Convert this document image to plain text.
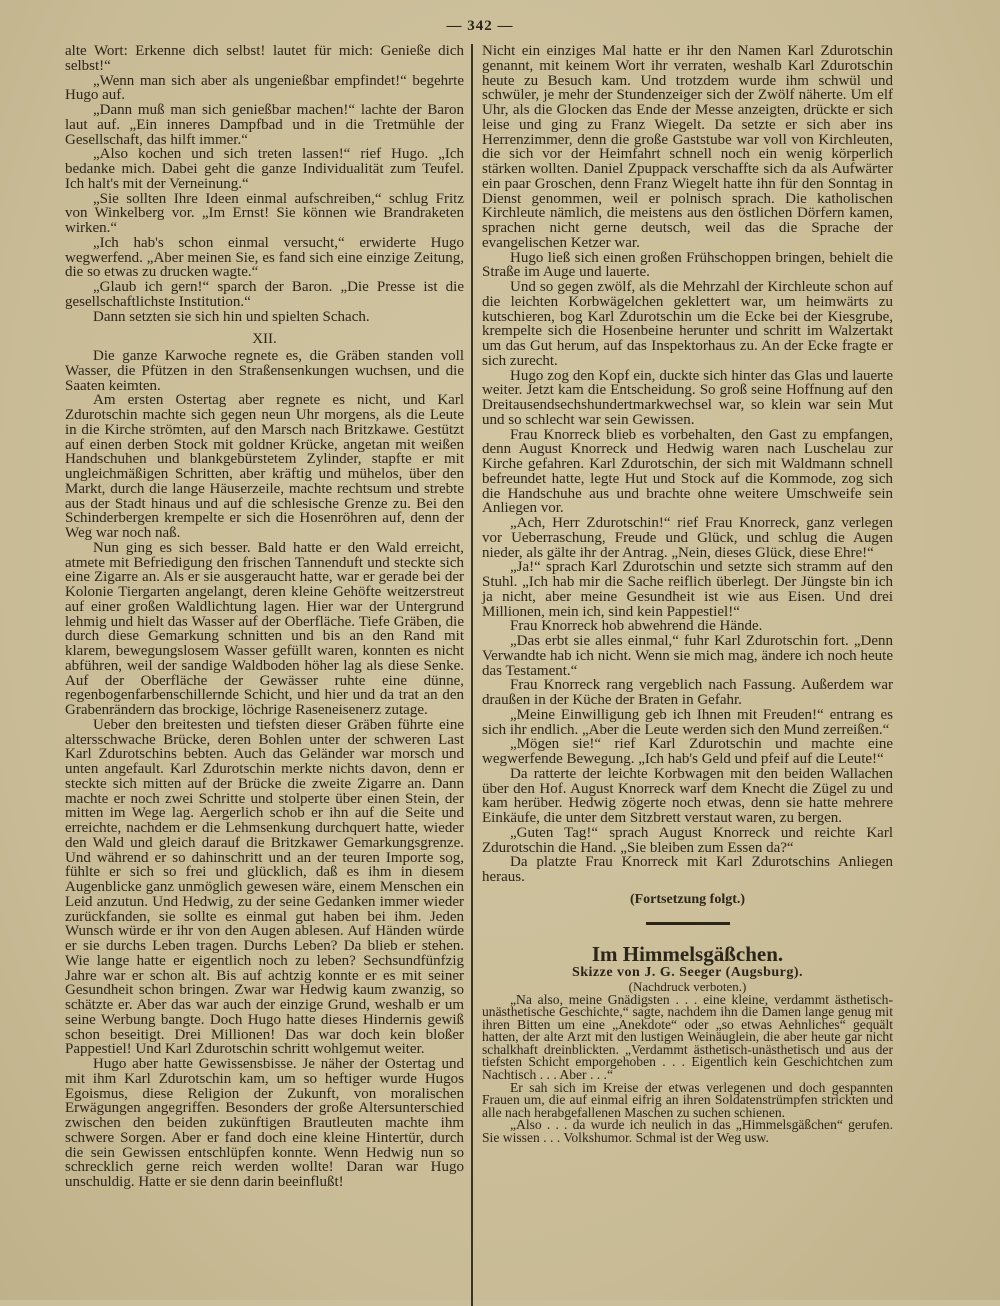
— 342 —

alte Wort: Erkenne dich selbst! lautet für mich: Genieße dich selbst!“

„Wenn man sich aber als ungenießbar empfindet!“ begehrte Hugo auf.

„Dann muß man sich genießbar machen!“ lachte der Baron laut auf. „Ein inneres Dampfbad und in die Tretmühle der Gesellschaft, das hilft immer.“

„Also kochen und sich treten lassen!“ rief Hugo. „Ich bedanke mich. Dabei geht die ganze Individualität zum Teufel. Ich halt's mit der Verneinung.“

„Sie sollten Ihre Ideen einmal aufschreiben,“ schlug Fritz von Winkelberg vor. „Im Ernst! Sie können wie Brandraketen wirken.“

„Ich hab's schon einmal versucht,“ erwiderte Hugo wegwerfend. „Aber meinen Sie, es fand sich eine einzige Zeitung, die so etwas zu drucken wagte.“

„Glaub ich gern!“ sparch der Baron. „Die Presse ist die gesellschaftlichste Institution.“

Dann setzten sie sich hin und spielten Schach.

XII.

Die ganze Karwoche regnete es, die Gräben standen voll Wasser, die Pfützen in den Straßensenkungen wuchsen, und die Saaten keimten.

Am ersten Ostertag aber regnete es nicht, und Karl Zdurotschin machte sich gegen neun Uhr morgens, als die Leute in die Kirche strömten, auf den Marsch nach Britzkawe. Gestützt auf einen derben Stock mit goldner Krücke, angetan mit weißen Handschuhen und blankgebürstetem Zylinder, stapfte er mit ungleichmäßigen Schritten, aber kräftig und mühelos, über den Markt, durch die lange Häuserzeile, machte rechtsum und strebte aus der Stadt hinaus und auf die schlesische Grenze zu. Bei den Schinderbergen krempelte er sich die Hosenröhren auf, denn der Weg war noch naß.

Nun ging es sich besser. Bald hatte er den Wald erreicht, atmete mit Befriedigung den frischen Tannenduft und steckte sich eine Zigarre an. Als er sie ausgeraucht hatte, war er gerade bei der Kolonie Tiergarten angelangt, deren kleine Gehöfte weitzerstreut auf einer großen Waldlichtung lagen. Hier war der Untergrund lehmig und hielt das Wasser auf der Oberfläche. Tiefe Gräben, die durch diese Gemarkung schnitten und bis an den Rand mit klarem, bewegungslosem Wasser gefüllt waren, konnten es nicht abführen, weil der sandige Waldboden höher lag als diese Senke. Auf der Oberfläche der Gewässer ruhte eine dünne, regenbogenfarbenschillernde Schicht, und hier und da trat an den Grabenrändern das brockige, löchrige Raseneisenerz zutage.

Ueber den breitesten und tiefsten dieser Gräben führte eine altersschwache Brücke, deren Bohlen unter der schweren Last Karl Zdurotschins bebten. Auch das Geländer war morsch und unten angefault. Karl Zdurotschin merkte nichts davon, denn er steckte sich mitten auf der Brücke die zweite Zigarre an. Dann machte er noch zwei Schritte und stolperte über einen Stein, der mitten im Wege lag. Aergerlich schob er ihn auf die Seite und erreichte, nachdem er die Lehmsenkung durchquert hatte, wieder den Wald und gleich darauf die Britzkawer Gemarkungsgrenze. Und während er so dahinschritt und an der teuren Importe sog, fühlte er sich so frei und glücklich, daß es ihm in diesem Augenblicke ganz unmöglich gewesen wäre, einem Menschen ein Leid anzutun. Und Hedwig, zu der seine Gedanken immer wieder zurückfanden, sie sollte es einmal gut haben bei ihm. Jeden Wunsch würde er ihr von den Augen ablesen. Auf Händen würde er sie durchs Leben tragen. Durchs Leben? Da blieb er stehen. Wie lange hatte er eigentlich noch zu leben? Sechsundfünfzig Jahre war er schon alt. Bis auf achtzig konnte er es mit seiner Gesundheit schon bringen. Zwar war Hedwig kaum zwanzig, so schätzte er. Aber das war auch der einzige Grund, weshalb er um seine Werbung bangte. Doch Hugo hatte dieses Hindernis gewiß schon beseitigt. Drei Millionen! Das war doch kein bloßer Pappestiel! Und Karl Zdurotschin schritt wohlgemut weiter.

Hugo aber hatte Gewissensbisse. Je näher der Ostertag und mit ihm Karl Zdurotschin kam, um so heftiger wurde Hugos Egoismus, diese Religion der Zukunft, von moralischen Erwägungen angegriffen. Besonders der große Altersunterschied zwischen den beiden zukünftigen Brautleuten machte ihm schwere Sorgen. Aber er fand doch eine kleine Hintertür, durch die sein Gewissen entschlüpfen konnte. Wenn Hedwig nun so schrecklich gerne reich werden wollte! Daran war Hugo unschuldig. Hatte er sie denn darin beeinflußt!

Nicht ein einziges Mal hatte er ihr den Namen Karl Zdurotschin genannt, mit keinem Wort ihr verraten, weshalb Karl Zdurotschin heute zu Besuch kam. Und trotzdem wurde ihm schwül und schwüler, je mehr der Stundenzeiger sich der Zwölf näherte. Um elf Uhr, als die Glocken das Ende der Messe anzeigten, drückte er sich leise und ging zu Franz Wiegelt. Da setzte er sich aber ins Herrenzimmer, denn die große Gaststube war voll von Kirchleuten, die sich vor der Heimfahrt schnell noch ein wenig körperlich stärken wollten. Daniel Zpuppack verschaffte sich da als Aufwärter ein paar Groschen, denn Franz Wiegelt hatte ihn für den Sonntag in Dienst genommen, weil er polnisch sprach. Die katholischen Kirchleute nämlich, die meistens aus den östlichen Dörfern kamen, sprachen nicht gerne deutsch, weil das die Sprache der evangelischen Ketzer war.

Hugo ließ sich einen großen Frühschoppen bringen, behielt die Straße im Auge und lauerte.

Und so gegen zwölf, als die Mehrzahl der Kirchleute schon auf die leichten Korbwägelchen geklettert war, um heimwärts zu kutschieren, bog Karl Zdurotschin um die Ecke bei der Kiesgrube, krempelte sich die Hosenbeine herunter und schritt im Walzertakt um das Gut herum, auf das Inspektorhaus zu. An der Ecke fragte er sich zurecht.

Hugo zog den Kopf ein, duckte sich hinter das Glas und lauerte weiter. Jetzt kam die Entscheidung. So groß seine Hoffnung auf den Dreitausendsechshundertmarkwechsel war, so klein war sein Mut und so schlecht war sein Gewissen.

Frau Knorreck blieb es vorbehalten, den Gast zu empfangen, denn August Knorreck und Hedwig waren nach Luschelau zur Kirche gefahren. Karl Zdurotschin, der sich mit Waldmann schnell befreundet hatte, legte Hut und Stock auf die Kommode, zog sich die Handschuhe aus und brachte ohne weitere Umschweife sein Anliegen vor.

„Ach, Herr Zdurotschin!“ rief Frau Knorreck, ganz verlegen vor Ueberraschung, Freude und Glück, und schlug die Augen nieder, als gälte ihr der Antrag. „Nein, dieses Glück, diese Ehre!“

„Ja!“ sprach Karl Zdurotschin und setzte sich stramm auf den Stuhl. „Ich hab mir die Sache reiflich überlegt. Der Jüngste bin ich ja nicht, aber meine Gesundheit ist wie aus Eisen. Und drei Millionen, mein ich, sind kein Pappestiel!“

Frau Knorreck hob abwehrend die Hände.

„Das erbt sie alles einmal,“ fuhr Karl Zdurotschin fort. „Denn Verwandte hab ich nicht. Wenn sie mich mag, ändere ich noch heute das Testament.“

Frau Knorreck rang vergeblich nach Fassung. Außerdem war draußen in der Küche der Braten in Gefahr.

„Meine Einwilligung geb ich Ihnen mit Freuden!“ entrang es sich ihr endlich. „Aber die Leute werden sich den Mund zerreißen.“

„Mögen sie!“ rief Karl Zdurotschin und machte eine wegwerfende Bewegung. „Ich hab's Geld und pfeif auf die Leute!“

Da ratterte der leichte Korbwagen mit den beiden Wallachen über den Hof. August Knorreck warf dem Knecht die Zügel zu und kam herüber. Hedwig zögerte noch etwas, denn sie hatte mehrere Einkäufe, die unter dem Sitzbrett verstaut waren, zu bergen.

„Guten Tag!“ sprach August Knorreck und reichte Karl Zdurotschin die Hand. „Sie bleiben zum Essen da?“

Da platzte Frau Knorreck mit Karl Zdurotschins Anliegen heraus.

(Fortsetzung folgt.)
Im Himmelsgäßchen.
Skizze von J. G. Seeger (Augsburg).
(Nachdruck verboten.)

„Na also, meine Gnädigsten . . . eine kleine, verdammt ästhetisch-unästhetische Geschichte,“ sagte, nachdem ihn die Damen lange genug mit ihren Bitten um eine „Anekdote“ oder „so etwas Aehnliches“ gequält hatten, der alte Arzt mit den lustigen Weinäuglein, die aber heute gar nicht schalkhaft dreinblickten. „Verdammt ästhetisch-unästhetisch und aus der tiefsten Schicht emporgehoben . . . Eigentlich kein Geschichtchen zum Nachtisch . . . Aber . . .“

Er sah sich im Kreise der etwas verlegenen und doch gespannten Frauen um, die auf einmal eifrig an ihren Soldatenstrümpfen strickten und alle nach herabgefallenen Maschen zu suchen schienen.

„Also . . . da wurde ich neulich in das „Himmelsgäßchen“ gerufen. Sie wissen . . . Volkshumor. Schmal ist der Weg usw.
